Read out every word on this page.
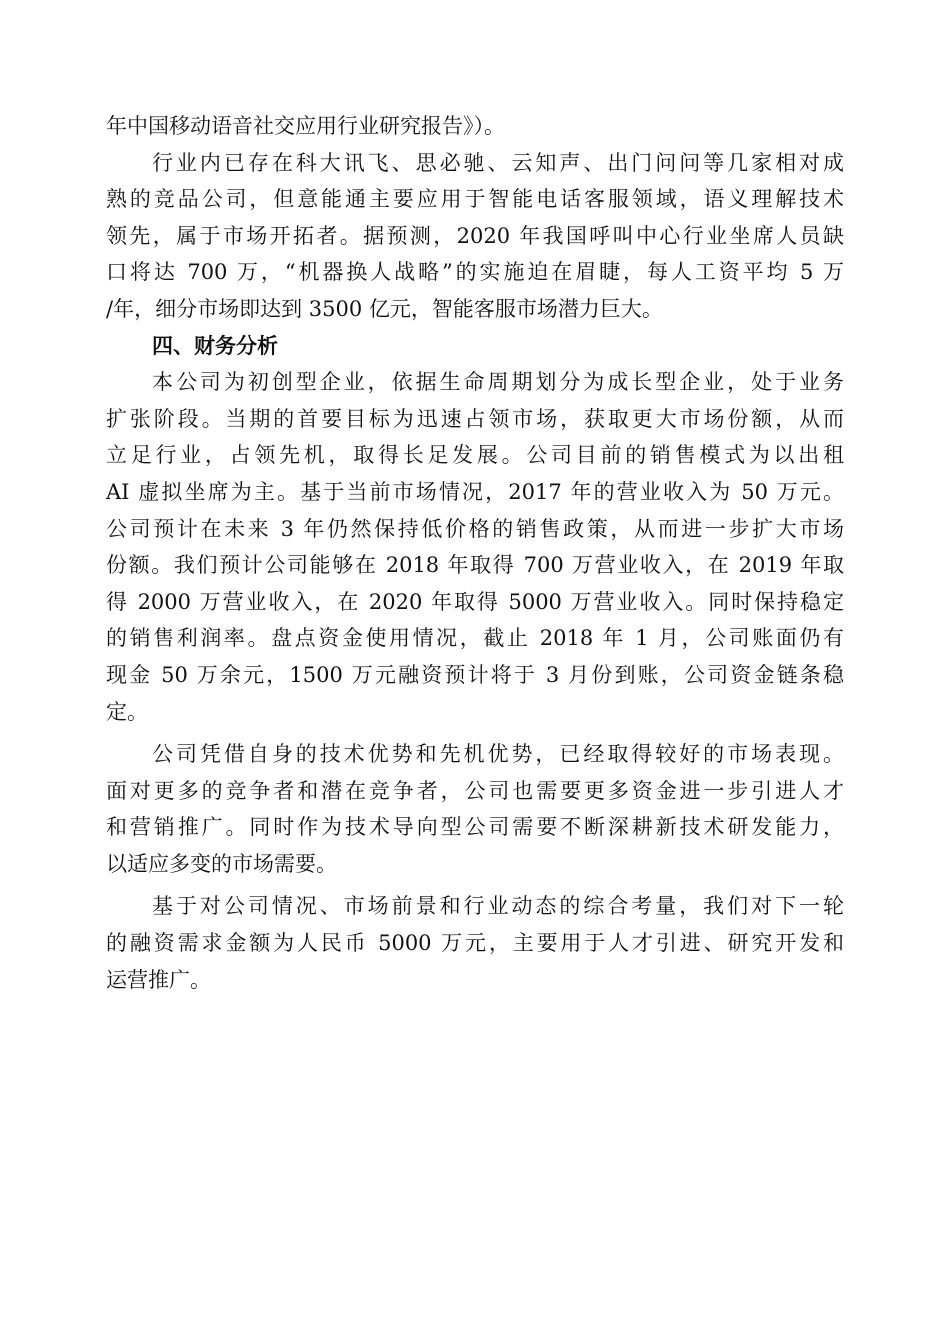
年中国移动语音社交应用行业研究报告》）。
行业内已存在科大讯飞、思必驰、云知声、出门问问等几家相对成
熟的竞品公司，但意能通主要应用于智能电话客服领域，语义理解技术
领先，属于市场开拓者。据预测，2020 年我国呼叫中心行业坐席人员缺
口将达 700 万，“机器换人战略”的实施迫在眉睫，每人工资平均 5 万
/年，细分市场即达到 3500 亿元，智能客服市场潜力巨大。
四、财务分析
本公司为初创型企业，依据生命周期划分为成长型企业，处于业务
扩张阶段。当期的首要目标为迅速占领市场，获取更大市场份额，从而
立足行业，占领先机，取得长足发展。公司目前的销售模式为以出租
AI 虚拟坐席为主。基于当前市场情况，2017 年的营业收入为 50 万元。
公司预计在未来 3 年仍然保持低价格的销售政策，从而进一步扩大市场
份额。我们预计公司能够在 2018 年取得 700 万营业收入，在 2019 年取
得 2000 万营业收入，在 2020 年取得 5000 万营业收入。同时保持稳定
的销售利润率。盘点资金使用情况，截止 2018 年 1 月，公司账面仍有
现金 50 万余元，1500 万元融资预计将于 3 月份到账，公司资金链条稳
定。
公司凭借自身的技术优势和先机优势，已经取得较好的市场表现。
面对更多的竞争者和潜在竞争者，公司也需要更多资金进一步引进人才
和营销推广。同时作为技术导向型公司需要不断深耕新技术研发能力，
以适应多变的市场需要。
基于对公司情况、市场前景和行业动态的综合考量，我们对下一轮
的融资需求金额为人民币 5000 万元，主要用于人才引进、研究开发和
运营推广。
